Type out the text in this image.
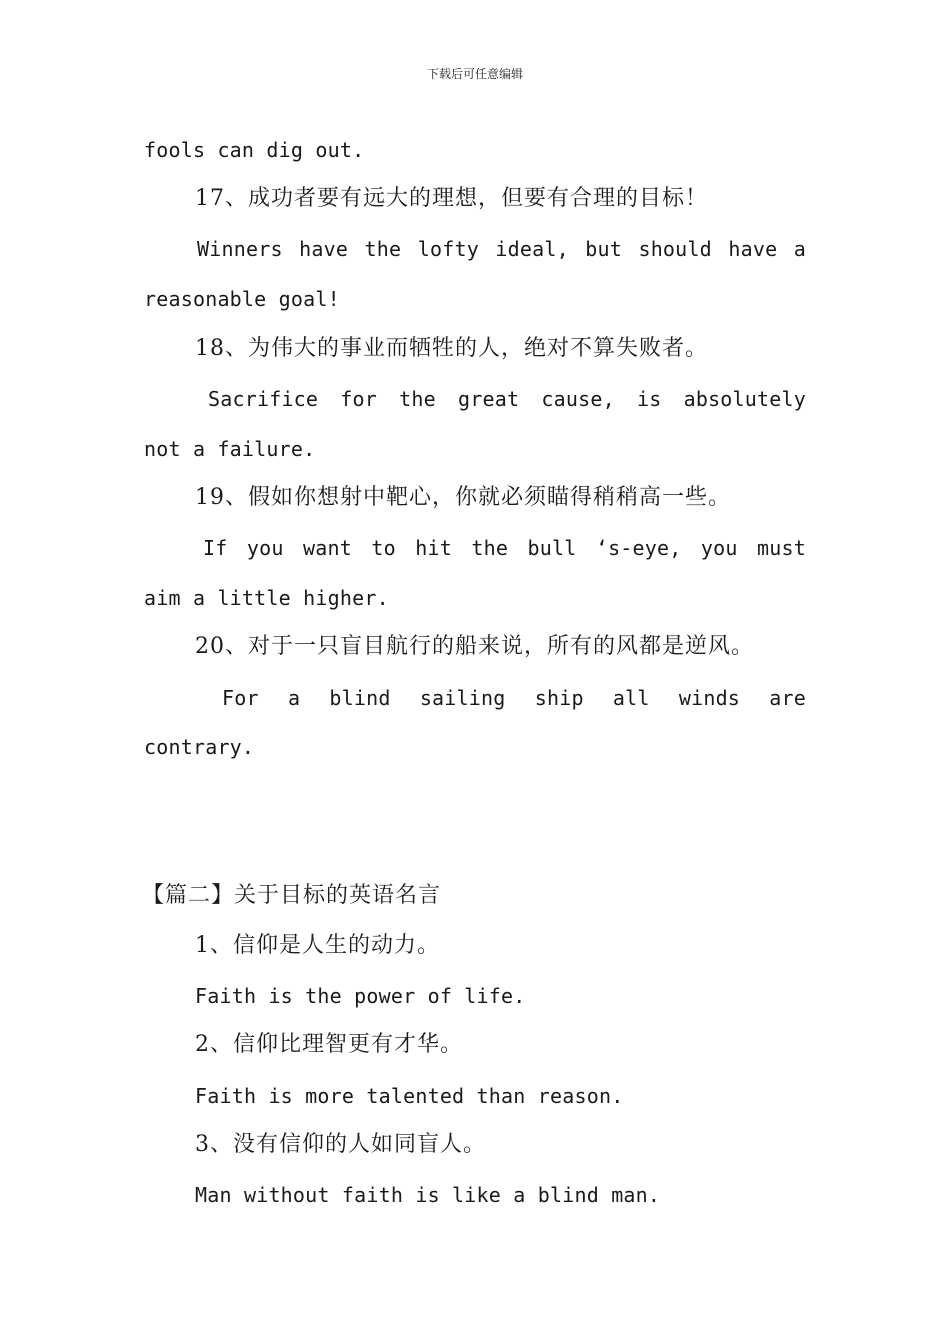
下载后可任意编辑
fools can dig out.
17、成功者要有远大的理想，但要有合理的目标！
Winners have the lofty ideal, but should have a
reasonable goal!
18、为伟大的事业而牺牲的人，绝对不算失败者。
Sacrifice for the great cause, is absolutely
not a failure.
19、假如你想射中靶心，你就必须瞄得稍稍高一些。
If you want to hit the bull ‘s-eye, you must
aim a little higher.
20、对于一只盲目航行的船来说，所有的风都是逆风。
For a blind sailing ship all winds are
contrary.
【篇二】关于目标的英语名言
1、信仰是人生的动力。
Faith is the power of life.
2、信仰比理智更有才华。
Faith is more talented than reason.
3、没有信仰的人如同盲人。
Man without faith is like a blind man.
